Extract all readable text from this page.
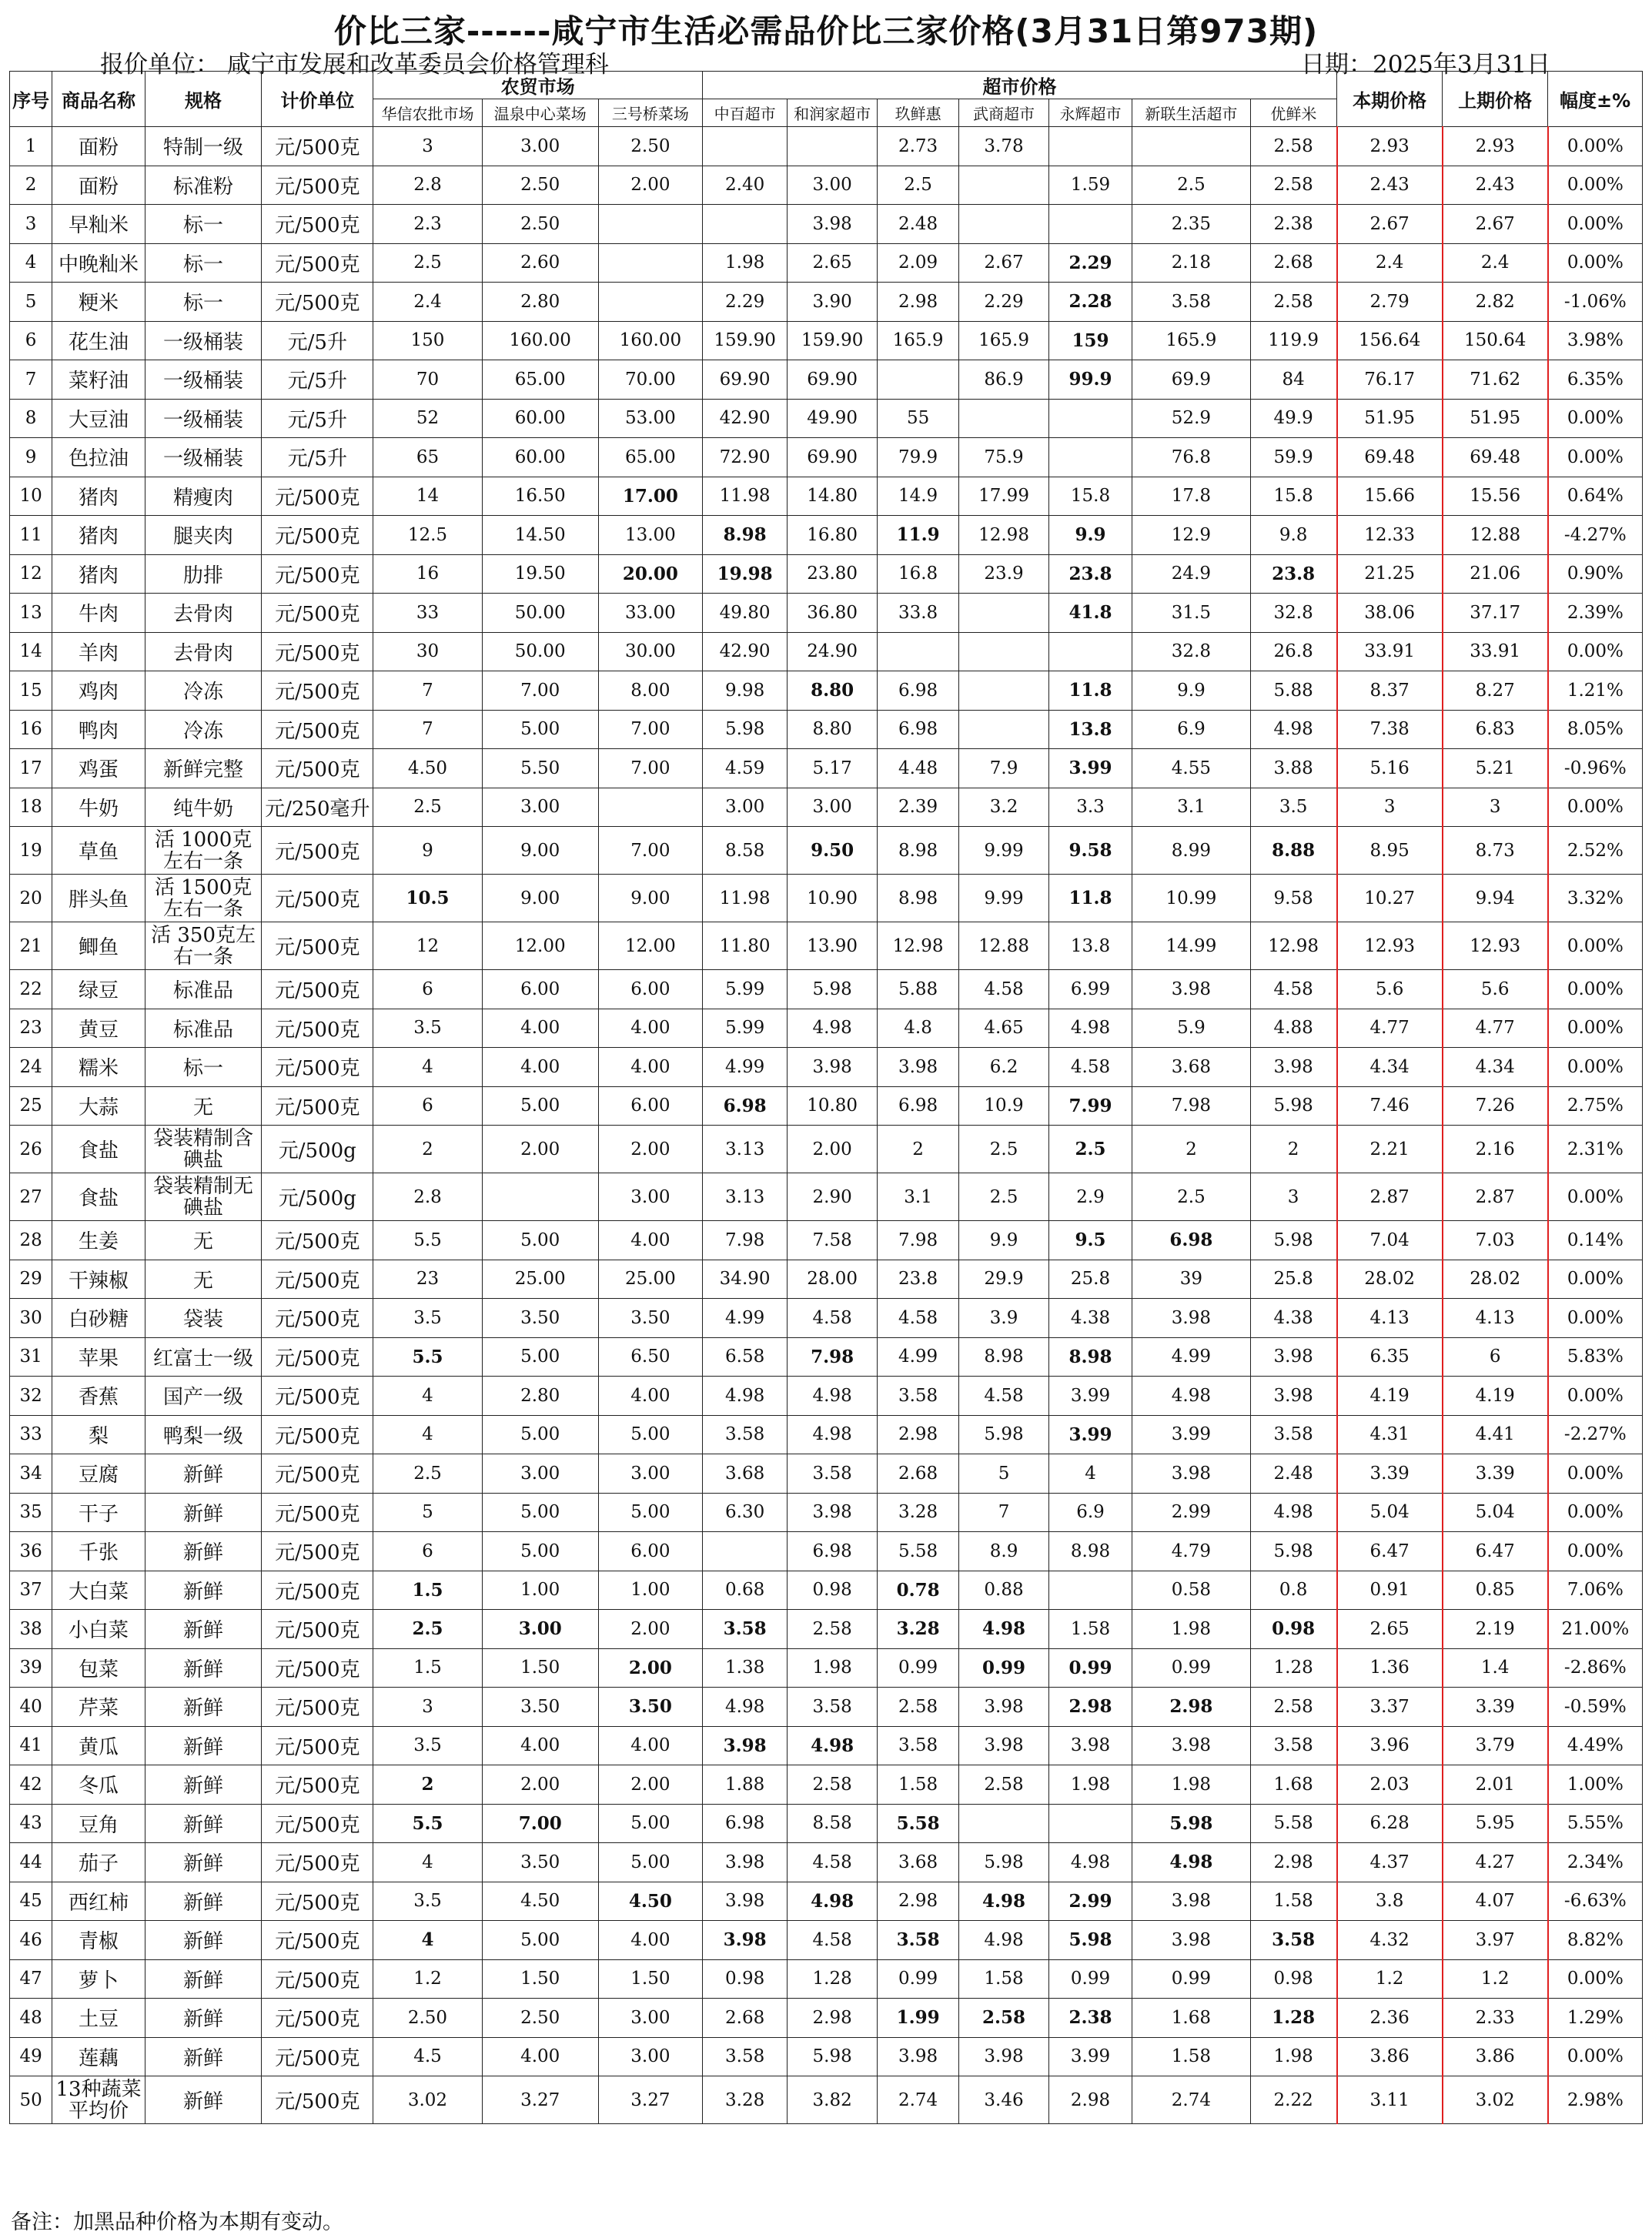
价比三家------咸宁市生活必需品价比三家价格(3月31日第973期)
报价单位： 咸宁市发展和改革委员会价格管理科	日期：2025年3月31日
序号	商品名称	规格	计价单位	农贸市场			超市价格							本期价格	上期价格	幅度±%
				华信农批市场	温泉中心菜场	三号桥菜场	中百超市	和润家超市	玖鲜惠	武商超市	永辉超市	新联生活超市	优鲜米			
1	面粉	特制一级	元/500克	3	3.00	2.50			2.73	3.78			2.58	2.93	2.93	0.00%
2	面粉	标准粉	元/500克	2.8	2.50	2.00	2.40	3.00	2.5		1.59	2.5	2.58	2.43	2.43	0.00%
3	早籼米	标一	元/500克	2.3	2.50			3.98	2.48			2.35	2.38	2.67	2.67	0.00%
4	中晚籼米	标一	元/500克	2.5	2.60		1.98	2.65	2.09	2.67	2.29	2.18	2.68	2.4	2.4	0.00%
5	粳米	标一	元/500克	2.4	2.80		2.29	3.90	2.98	2.29	2.28	3.58	2.58	2.79	2.82	-1.06%
6	花生油	一级桶装	元/5升	150	160.00	160.00	159.90	159.90	165.9	165.9	159	165.9	119.9	156.64	150.64	3.98%
7	菜籽油	一级桶装	元/5升	70	65.00	70.00	69.90	69.90		86.9	99.9	69.9	84	76.17	71.62	6.35%
8	大豆油	一级桶装	元/5升	52	60.00	53.00	42.90	49.90	55			52.9	49.9	51.95	51.95	0.00%
9	色拉油	一级桶装	元/5升	65	60.00	65.00	72.90	69.90	79.9	75.9		76.8	59.9	69.48	69.48	0.00%
10	猪肉	精瘦肉	元/500克	14	16.50	17.00	11.98	14.80	14.9	17.99	15.8	17.8	15.8	15.66	15.56	0.64%
11	猪肉	腿夹肉	元/500克	12.5	14.50	13.00	8.98	16.80	11.9	12.98	9.9	12.9	9.8	12.33	12.88	-4.27%
12	猪肉	肋排	元/500克	16	19.50	20.00	19.98	23.80	16.8	23.9	23.8	24.9	23.8	21.25	21.06	0.90%
13	牛肉	去骨肉	元/500克	33	50.00	33.00	49.80	36.80	33.8		41.8	31.5	32.8	38.06	37.17	2.39%
14	羊肉	去骨肉	元/500克	30	50.00	30.00	42.90	24.90				32.8	26.8	33.91	33.91	0.00%
15	鸡肉	冷冻	元/500克	7	7.00	8.00	9.98	8.80	6.98		11.8	9.9	5.88	8.37	8.27	1.21%
16	鸭肉	冷冻	元/500克	7	5.00	7.00	5.98	8.80	6.98		13.8	6.9	4.98	7.38	6.83	8.05%
17	鸡蛋	新鲜完整	元/500克	4.50	5.50	7.00	4.59	5.17	4.48	7.9	3.99	4.55	3.88	5.16	5.21	-0.96%
18	牛奶	纯牛奶	元/250毫升	2.5	3.00		3.00	3.00	2.39	3.2	3.3	3.1	3.5	3	3	0.00%
19	草鱼	活 1000克左右一条	元/500克	9	9.00	7.00	8.58	9.50	8.98	9.99	9.58	8.99	8.88	8.95	8.73	2.52%
20	胖头鱼	活 1500克左右一条	元/500克	10.5	9.00	9.00	11.98	10.90	8.98	9.99	11.8	10.99	9.58	10.27	9.94	3.32%
21	鲫鱼	活 350克左右一条	元/500克	12	12.00	12.00	11.80	13.90	12.98	12.88	13.8	14.99	12.98	12.93	12.93	0.00%
22	绿豆	标准品	元/500克	6	6.00	6.00	5.99	5.98	5.88	4.58	6.99	3.98	4.58	5.6	5.6	0.00%
23	黄豆	标准品	元/500克	3.5	4.00	4.00	5.99	4.98	4.8	4.65	4.98	5.9	4.88	4.77	4.77	0.00%
24	糯米	标一	元/500克	4	4.00	4.00	4.99	3.98	3.98	6.2	4.58	3.68	3.98	4.34	4.34	0.00%
25	大蒜	无	元/500克	6	5.00	6.00	6.98	10.80	6.98	10.9	7.99	7.98	5.98	7.46	7.26	2.75%
26	食盐	袋装精制含碘盐	元/500g	2	2.00	2.00	3.13	2.00	2	2.5	2.5	2	2	2.21	2.16	2.31%
27	食盐	袋装精制无碘盐	元/500g	2.8		3.00	3.13	2.90	3.1	2.5	2.9	2.5	3	2.87	2.87	0.00%
28	生姜	无	元/500克	5.5	5.00	4.00	7.98	7.58	7.98	9.9	9.5	6.98	5.98	7.04	7.03	0.14%
29	干辣椒	无	元/500克	23	25.00	25.00	34.90	28.00	23.8	29.9	25.8	39	25.8	28.02	28.02	0.00%
30	白砂糖	袋装	元/500克	3.5	3.50	3.50	4.99	4.58	4.58	3.9	4.38	3.98	4.38	4.13	4.13	0.00%
31	苹果	红富士一级	元/500克	5.5	5.00	6.50	6.58	7.98	4.99	8.98	8.98	4.99	3.98	6.35	6	5.83%
32	香蕉	国产一级	元/500克	4	2.80	4.00	4.98	4.98	3.58	4.58	3.99	4.98	3.98	4.19	4.19	0.00%
33	梨	鸭梨一级	元/500克	4	5.00	5.00	3.58	4.98	2.98	5.98	3.99	3.99	3.58	4.31	4.41	-2.27%
34	豆腐	新鲜	元/500克	2.5	3.00	3.00	3.68	3.58	2.68	5	4	3.98	2.48	3.39	3.39	0.00%
35	干子	新鲜	元/500克	5	5.00	5.00	6.30	3.98	3.28	7	6.9	2.99	4.98	5.04	5.04	0.00%
36	千张	新鲜	元/500克	6	5.00	6.00		6.98	5.58	8.9	8.98	4.79	5.98	6.47	6.47	0.00%
37	大白菜	新鲜	元/500克	1.5	1.00	1.00	0.68	0.98	0.78	0.88		0.58	0.8	0.91	0.85	7.06%
38	小白菜	新鲜	元/500克	2.5	3.00	2.00	3.58	2.58	3.28	4.98	1.58	1.98	0.98	2.65	2.19	21.00%
39	包菜	新鲜	元/500克	1.5	1.50	2.00	1.38	1.98	0.99	0.99	0.99	0.99	1.28	1.36	1.4	-2.86%
40	芹菜	新鲜	元/500克	3	3.50	3.50	4.98	3.58	2.58	3.98	2.98	2.98	2.58	3.37	3.39	-0.59%
41	黄瓜	新鲜	元/500克	3.5	4.00	4.00	3.98	4.98	3.58	3.98	3.98	3.98	3.58	3.96	3.79	4.49%
42	冬瓜	新鲜	元/500克	2	2.00	2.00	1.88	2.58	1.58	2.58	1.98	1.98	1.68	2.03	2.01	1.00%
43	豆角	新鲜	元/500克	5.5	7.00	5.00	6.98	8.58	5.58			5.98	5.58	6.28	5.95	5.55%
44	茄子	新鲜	元/500克	4	3.50	5.00	3.98	4.58	3.68	5.98	4.98	4.98	2.98	4.37	4.27	2.34%
45	西红柿	新鲜	元/500克	3.5	4.50	4.50	3.98	4.98	2.98	4.98	2.99	3.98	1.58	3.8	4.07	-6.63%
46	青椒	新鲜	元/500克	4	5.00	4.00	3.98	4.58	3.58	4.98	5.98	3.98	3.58	4.32	3.97	8.82%
47	萝卜	新鲜	元/500克	1.2	1.50	1.50	0.98	1.28	0.99	1.58	0.99	0.99	0.98	1.2	1.2	0.00%
48	土豆	新鲜	元/500克	2.50	2.50	3.00	2.68	2.98	1.99	2.58	2.38	1.68	1.28	2.36	2.33	1.29%
49	莲藕	新鲜	元/500克	4.5	4.00	3.00	3.58	5.98	3.98	3.98	3.99	1.58	1.98	3.86	3.86	0.00%
50	13种蔬菜平均价	新鲜	元/500克	3.02	3.27	3.27	3.28	3.82	2.74	3.46	2.98	2.74	2.22	3.11	3.02	2.98%
备注：加黑品种价格为本期有变动。
